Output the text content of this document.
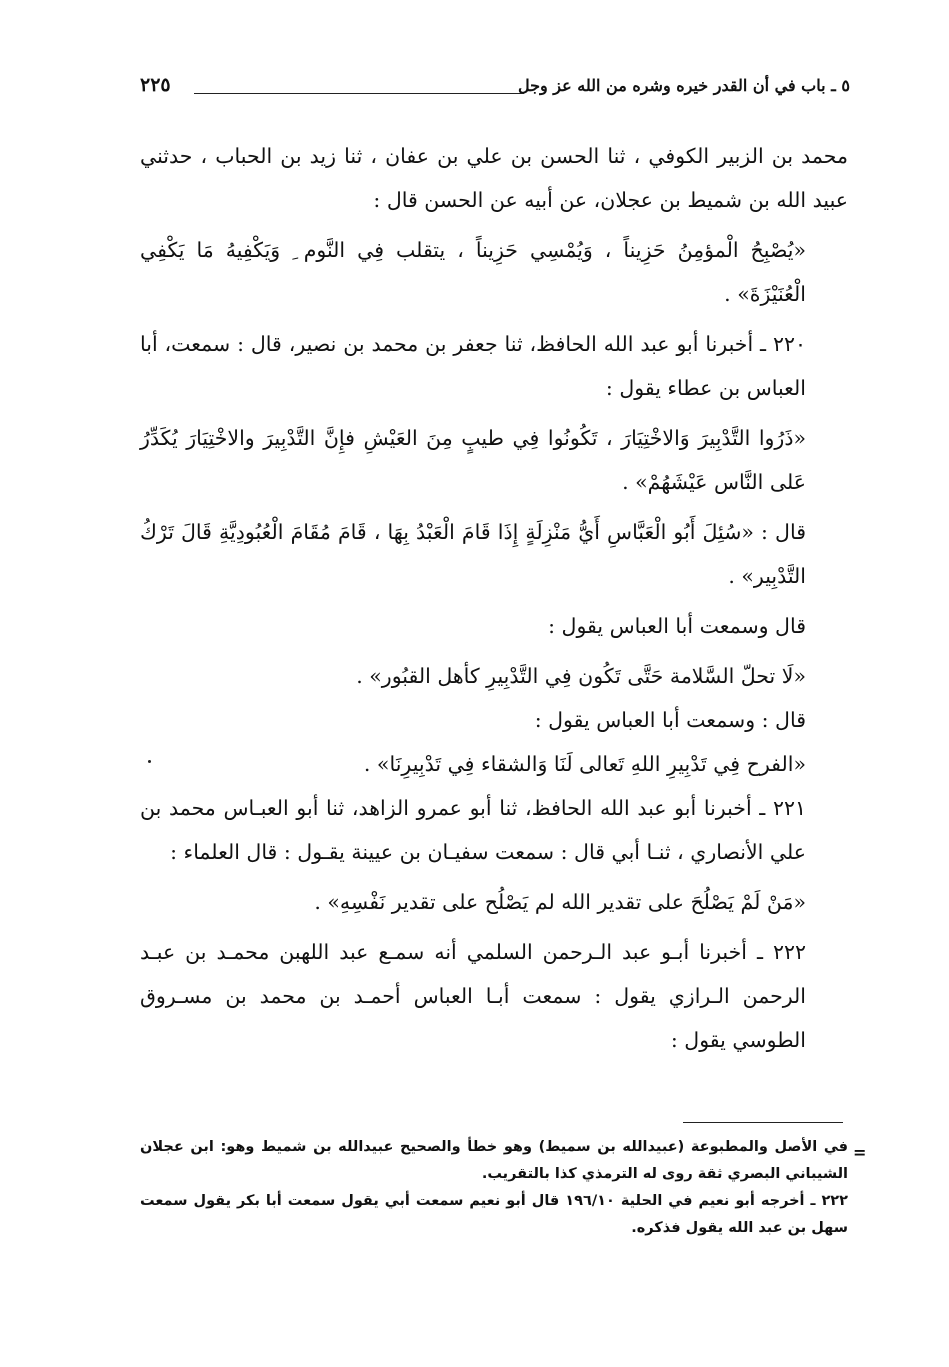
٥ ـ باب في أن القدر خيره وشره من الله عز وجل
٢٢٥

محمد بن الزبير الكوفي ، ثنا الحسن بن علي بن عفان ، ثنا زيد بن الحباب ، حدثني عبيد الله بن شميط بن عجلان، عن أبيه عن الحسن قال :

«يُصْبِحُ الْمؤمِنُ حَزِيناً ، وَيُمْسِي حَزِيناً ، يتقلب فِي النَّوم ِ وَيَكْفِيهُ مَا يَكْفِي الْعُنَيْزَةَ» .

٢٢٠ ـ أخبرنا أبو عبد الله الحافظ، ثنا جعفر بن محمد بن نصير، قال : سمعت، أبا العباس بن عطاء يقول :

«ذَرُوا التَّدْبِيرَ وَالاخْتِيَارَ ، تَكُونُوا فِي طيبٍ مِنَ العَيْشِ فإِنَّ التَّدْبِيرَ والاخْتِيَارَ يُكَدِّرُ عَلى النَّاس عَيْشَهُمْ» .

قال : «سُئِلَ أَبُو الْعَبَّاسِ أَيُّ مَنْزِلَةٍ إِذَا قَامَ الْعَبْدُ بِهَا ، قَامَ مُقَامَ الْعُبُودِيَّةِ قَالَ تَرْكُ التَّدْبِير» .

قال وسمعت أبا العباس يقول :

«لَا تحلّ السَّلامة حَتَّى تَكُون فِي التَّدْبِيرِ كأهل القبُور» .

قال : وسمعت أبا العباس يقول :

«الفرح فِي تَدْبِيرِ اللهِ تَعالى لَنَا وَالشقاء فِي تَدْبِيرِنَا» .

٢٢١ ـ أخبرنا أبو عبد الله الحافظ، ثنا أبو عمرو الزاهد، ثنا أبو العبـاس محمد بن علي الأنصاري ، ثنـا أبي قال : سمعت سفيـان بن عيينة يقـول : قال العلماء :

«مَنْ لَمْ يَصْلُحَ على تقدير الله لم يَصْلُح على تقدير نَفْسِهِ» .

٢٢٢ ـ أخبرنا أبـو عبد الـرحمن السلمي أنه سمـع عبد اللهبن محمـد بن عبـد الرحمن الـرازي يقول : سمعت أبـا العباس أحمـد بن محمد بن مسـروق الطوسي يقول :

=

في الأصل والمطبوعة (عبيدالله بن سميط) وهو خطأ والصحيح عبيدالله بن شميط وهو: ابن عجلان الشيباني البصري ثقة روى له الترمذي كذا بالتقريب.

٢٢٢ ـ أخرجه أبو نعيم في الحلية ١٩٦/١٠ قال أبو نعيم سمعت أبي يقول سمعت أبا بكر يقول سمعت سهل بن عبد الله يقول فذكره.
